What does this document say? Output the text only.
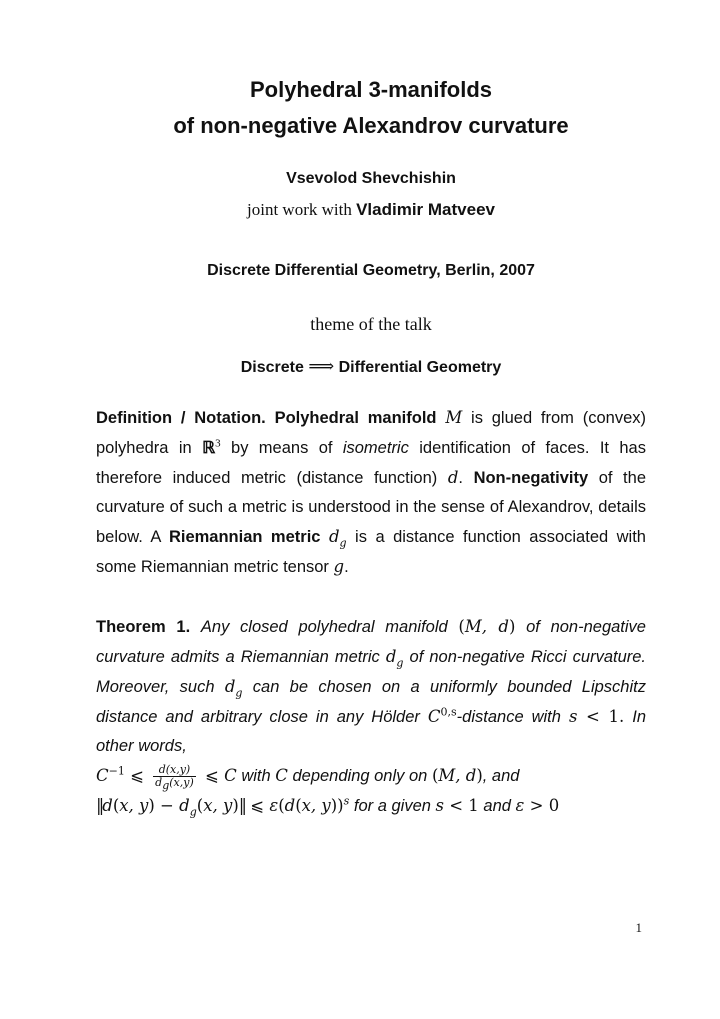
Polyhedral 3-manifolds
of non-negative Alexandrov curvature
Vsevolod Shevchishin
joint work with Vladimir Matveev
Discrete Differential Geometry, Berlin, 2007
theme of the talk
Discrete ⟹ Differential Geometry
Definition / Notation. Polyhedral manifold M is glued from (convex) polyhedra in ℝ$^3$ by means of isometric identification of faces. It has therefore induced metric (distance function) d. Non-negativity of the curvature of such a metric is understood in the sense of Alexandrov, details below. A Riemannian metric $d_g$ is a distance function associated with some Riemannian metric tensor g.
Theorem 1. Any closed polyhedral manifold (M, d) of non-negative curvature admits a Riemannian metric $d_g$ of non-negative Ricci curvature. Moreover, such $d_g$ can be chosen on a uniformly bounded Lipschitz distance and arbitrary close in any Hölder C$^{0,s}$-distance with s < 1. In other words,
$C^{-1}$ ⩽ $\frac{d(x,y)}{d_g(x,y)}$ ⩽ C with C depending only on (M, d), and
‖d(x, $y) - d_g(x$, y)‖ ⩽ ε(d(x, y))$^s$ for a given s < 1 and ε > 0
1
